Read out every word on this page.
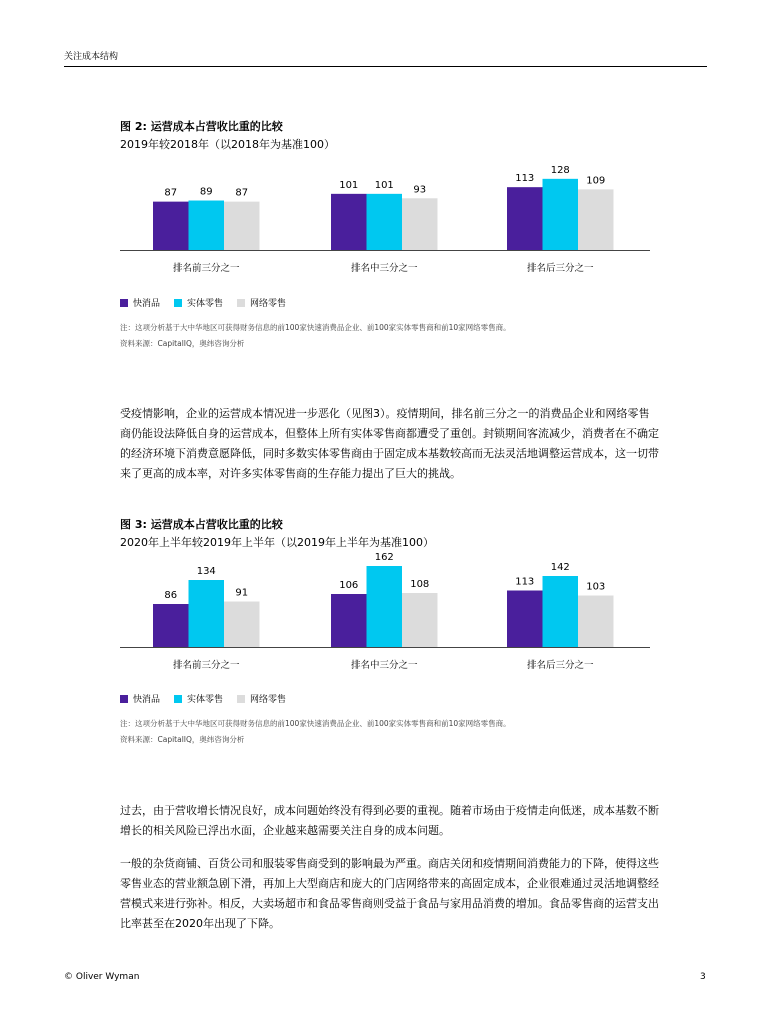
关注成本结构
图 2: 运营成本占营收比重的比较
2019年较2018年（以2018年为基准100）
87 89 87
排名前三分之一
101 101 93
排名中三分之一
113
128
109
排名后三分之一
快消品	实体零售	网络零售
注：这项分析基于大中华地区可获得财务信息的前100家快速消费品企业、前100家实体零售商和前10家网络零售商。
资料来源：CapitalIQ，奥纬咨询分析

受疫情影响，企业的运营成本情况进一步恶化（见图3）。疫情期间，排名前三分之一的消费品企业和网络零售商仍能设法降低自身的运营成本，但整体上所有实体零售商都遭受了重创。封锁期间客流减少，消费者在不确定的经济环境下消费意愿降低，同时多数实体零售商由于固定成本基数较高而无法灵活地调整运营成本，这一切带来了更高的成本率，对许多实体零售商的生存能力提出了巨大的挑战。

图 3: 运营成本占营收比重的比较
2020年上半年较2019年上半年（以2019年上半年为基准100）
86
134
91
排名前三分之一
106
162
108
排名中三分之一
113
142
103
排名后三分之一
快消品	实体零售	网络零售
注：这项分析基于大中华地区可获得财务信息的前100家快速消费品企业、前100家实体零售商和前10家网络零售商。
资料来源：CapitalIQ，奥纬咨询分析

过去，由于营收增长情况良好，成本问题始终没有得到必要的重视。随着市场由于疫情走向低迷，成本基数不断增长的相关风险已浮出水面，企业越来越需要关注自身的成本问题。

一般的杂货商铺、百货公司和服装零售商受到的影响最为严重。商店关闭和疫情期间消费能力的下降，使得这些零售业态的营业额急剧下滑，再加上大型商店和庞大的门店网络带来的高固定成本，企业很难通过灵活地调整经营模式来进行弥补。相反，大卖场超市和食品零售商则受益于食品与家用品消费的增加。食品零售商的运营支出比率甚至在2020年出现了下降。

© Oliver Wyman	3
